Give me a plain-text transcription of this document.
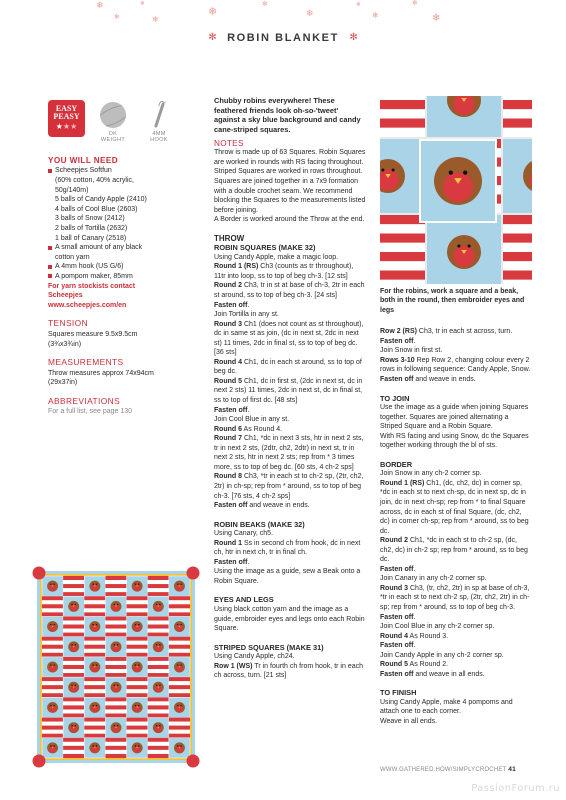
❄
❄
❄
❄
❄
❄
❄
❄
❄
❄
❄
✻ ROBIN BLANKET ✻
EASY
PEASY
★★★
DK
WEIGHT
4MM
HOOK
YOU WILL NEED
Scheepjes Softfun
(60% cotton, 40% acrylic,
50g/140m)
5 balls of Candy Apple (2410)
4 balls of Cool Blue (2603)
3 balls of Snow (2412)
2 balls of Tortilla (2632)
1 ball of Canary (2518)
A small amount of any black
cotton yarn
A 4mm hook (US G/6)
A pompom maker, 85mm
For yarn stockists contact
Scheepjes
www.scheepjes.com/en
TENSION
Squares measure 9.5x9.5cm
(3¾x3¾in)
MEASUREMENTS
Throw measures approx 74x94cm
(29x37in)
ABBREVIATIONS
For a full list, see page 130
Chubby robins everywhere! These feathered friends look oh-so-'tweet' against a sky blue background and candy cane-striped squares.
NOTES
Throw is made up of 63 Squares. Robin Squares are worked in rounds with RS facing throughout. Striped Squares are worked in rows throughout.
Squares are joined together in a 7x9 formation with a double crochet seam. We recommend blocking the Squares to the measurements listed before joining.
A Border is worked around the Throw at the end.
THROW
ROBIN SQUARES (MAKE 32)
Using Candy Apple, make a magic loop.
Round 1 (RS) Ch3 (counts as tr throughout), 11tr into loop, ss to top of beg ch-3. [12 sts]
Round 2 Ch3, tr in st at base of ch-3, 2tr in each st around, ss to top of beg ch-3. [24 sts]
Fasten off.
Join Tortilla in any st.
Round 3 Ch1 (does not count as st throughout), dc in same st as join, (dc in next st, 2dc in next st) 11 times, 2dc in final st, ss to top of beg dc. [36 sts]
Round 4 Ch1, dc in each st around, ss to top of beg dc.
Round 5 Ch1, dc in first st, (2dc in next st, dc in next 2 sts) 11 times, 2dc in next st, dc in final st, ss to top of first dc. [48 sts]
Fasten off.
Join Cool Blue in any st.
Round 6 As Round 4.
Round 7 Ch1, *dc in next 3 sts, htr in next 2 sts, tr in next 2 sts, (2dtr, ch2, 2dtr) in next st, tr in next 2 sts, htr in next 2 sts; rep from * 3 times more, ss to top of beg dc. [60 sts, 4 ch-2 sps]
Round 8 Ch3, *tr in each st to ch-2 sp, (2tr, ch2, 2tr) in ch-sp; rep from * around, ss to top of beg ch-3. [76 sts, 4 ch-2 sps]
Fasten off and weave in ends.
ROBIN BEAKS (MAKE 32)
Using Canary, ch5.
Round 1 Ss in second ch from hook, dc in next ch, htr in next ch, tr in final ch.
Fasten off.
Using the image as a guide, sew a Beak onto a Robin Square.
EYES AND LEGS
Using black cotton yarn and the image as a guide, embroider eyes and legs onto each Robin Square.
STRIPED SQUARES (MAKE 31)
Using Candy Apple, ch24.
Row 1 (WS) Tr in fourth ch from hook, tr in each ch across, turn. [21 sts]
For the robins, work a square and a beak, both in the round, then embroider eyes and legs
Row 2 (RS) Ch3, tr in each st across, turn.
Fasten off.
Join Snow in first st.
Rows 3-10 Rep Row 2, changing colour every 2 rows in following sequence: Candy Apple, Snow.
Fasten off and weave in ends.
TO JOIN
Use the image as a guide when joining Squares together. Squares are joined alternating a Striped Square and a Robin Square.
With RS facing and using Snow, dc the Squares together working through the bl of sts.
BORDER
Join Snow in any ch-2 corner sp.
Round 1 (RS) Ch1, (dc, ch2, dc) in corner sp, *dc in each st to next ch-sp, dc in next sp, dc in join, dc in next ch-sp; rep from * to final Square across, dc in each st of final Square, (dc, ch2, dc) in corner ch-sp; rep from * around, ss to beg dc.
Round 2 Ch1, *dc in each st to ch-2 sp, (dc, ch2, dc) in ch-2 sp; rep from * around, ss to beg dc.
Fasten off.
Join Canary in any ch-2 corner sp.
Round 3 Ch3, (tr, ch2, 2tr) in sp at base of ch-3, *tr in each st to next ch-2 sp, (2tr, ch2, 2tr) in ch-sp; rep from * around, ss to top of beg ch-3.
Fasten off.
Join Cool Blue in any ch-2 corner sp.
Round 4 As Round 3.
Fasten off.
Join Candy Apple in any ch-2 corner sp.
Round 5 As Round 2.
Fasten off and weave in all ends.
TO FINISH
Using Candy Apple, make 4 pompoms and attach one to each corner.
Weave in all ends.
WWW.GATHERED.HOW/SIMPLYCROCHET 41
PassionForum.ru
